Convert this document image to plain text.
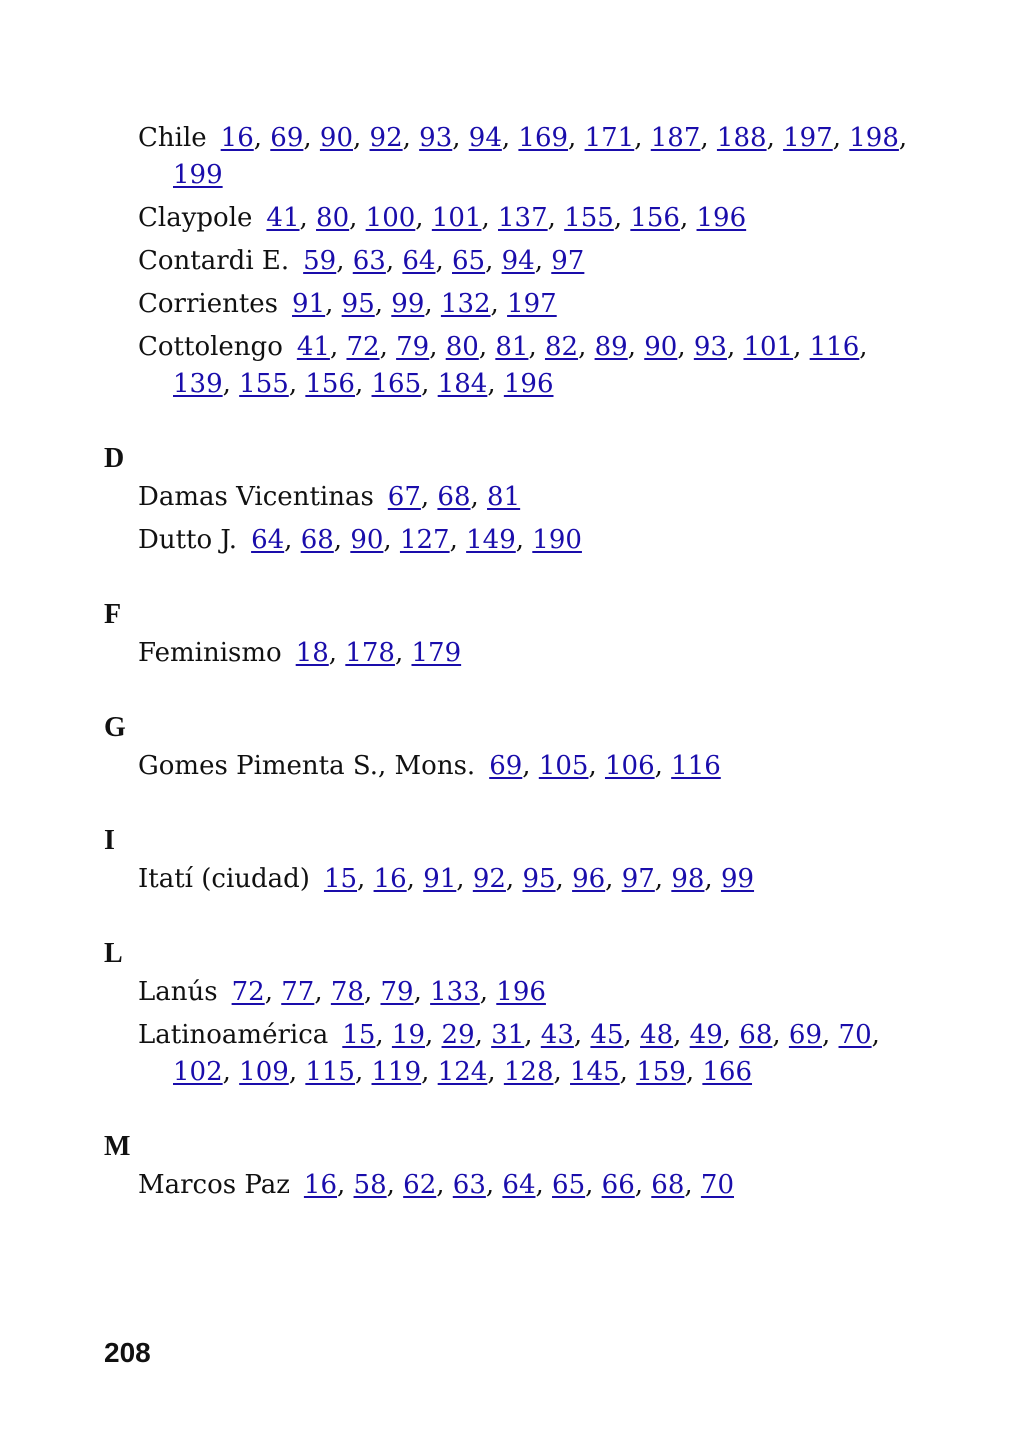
Chile 16, 69, 90, 92, 93, 94, 169, 171, 187, 188, 197, 198, 199
Claypole 41, 80, 100, 101, 137, 155, 156, 196
Contardi E. 59, 63, 64, 65, 94, 97
Corrientes 91, 95, 99, 132, 197
Cottolengo 41, 72, 79, 80, 81, 82, 89, 90, 93, 101, 116, 139, 155, 156, 165, 184, 196
D
Damas Vicentinas 67, 68, 81
Dutto J. 64, 68, 90, 127, 149, 190
F
Feminismo 18, 178, 179
G
Gomes Pimenta S., Mons. 69, 105, 106, 116
I
Itatí (ciudad) 15, 16, 91, 92, 95, 96, 97, 98, 99
L
Lanús 72, 77, 78, 79, 133, 196
Latinoamérica 15, 19, 29, 31, 43, 45, 48, 49, 68, 69, 70, 102, 109, 115, 119, 124, 128, 145, 159, 166
M
Marcos Paz 16, 58, 62, 63, 64, 65, 66, 68, 70
208
